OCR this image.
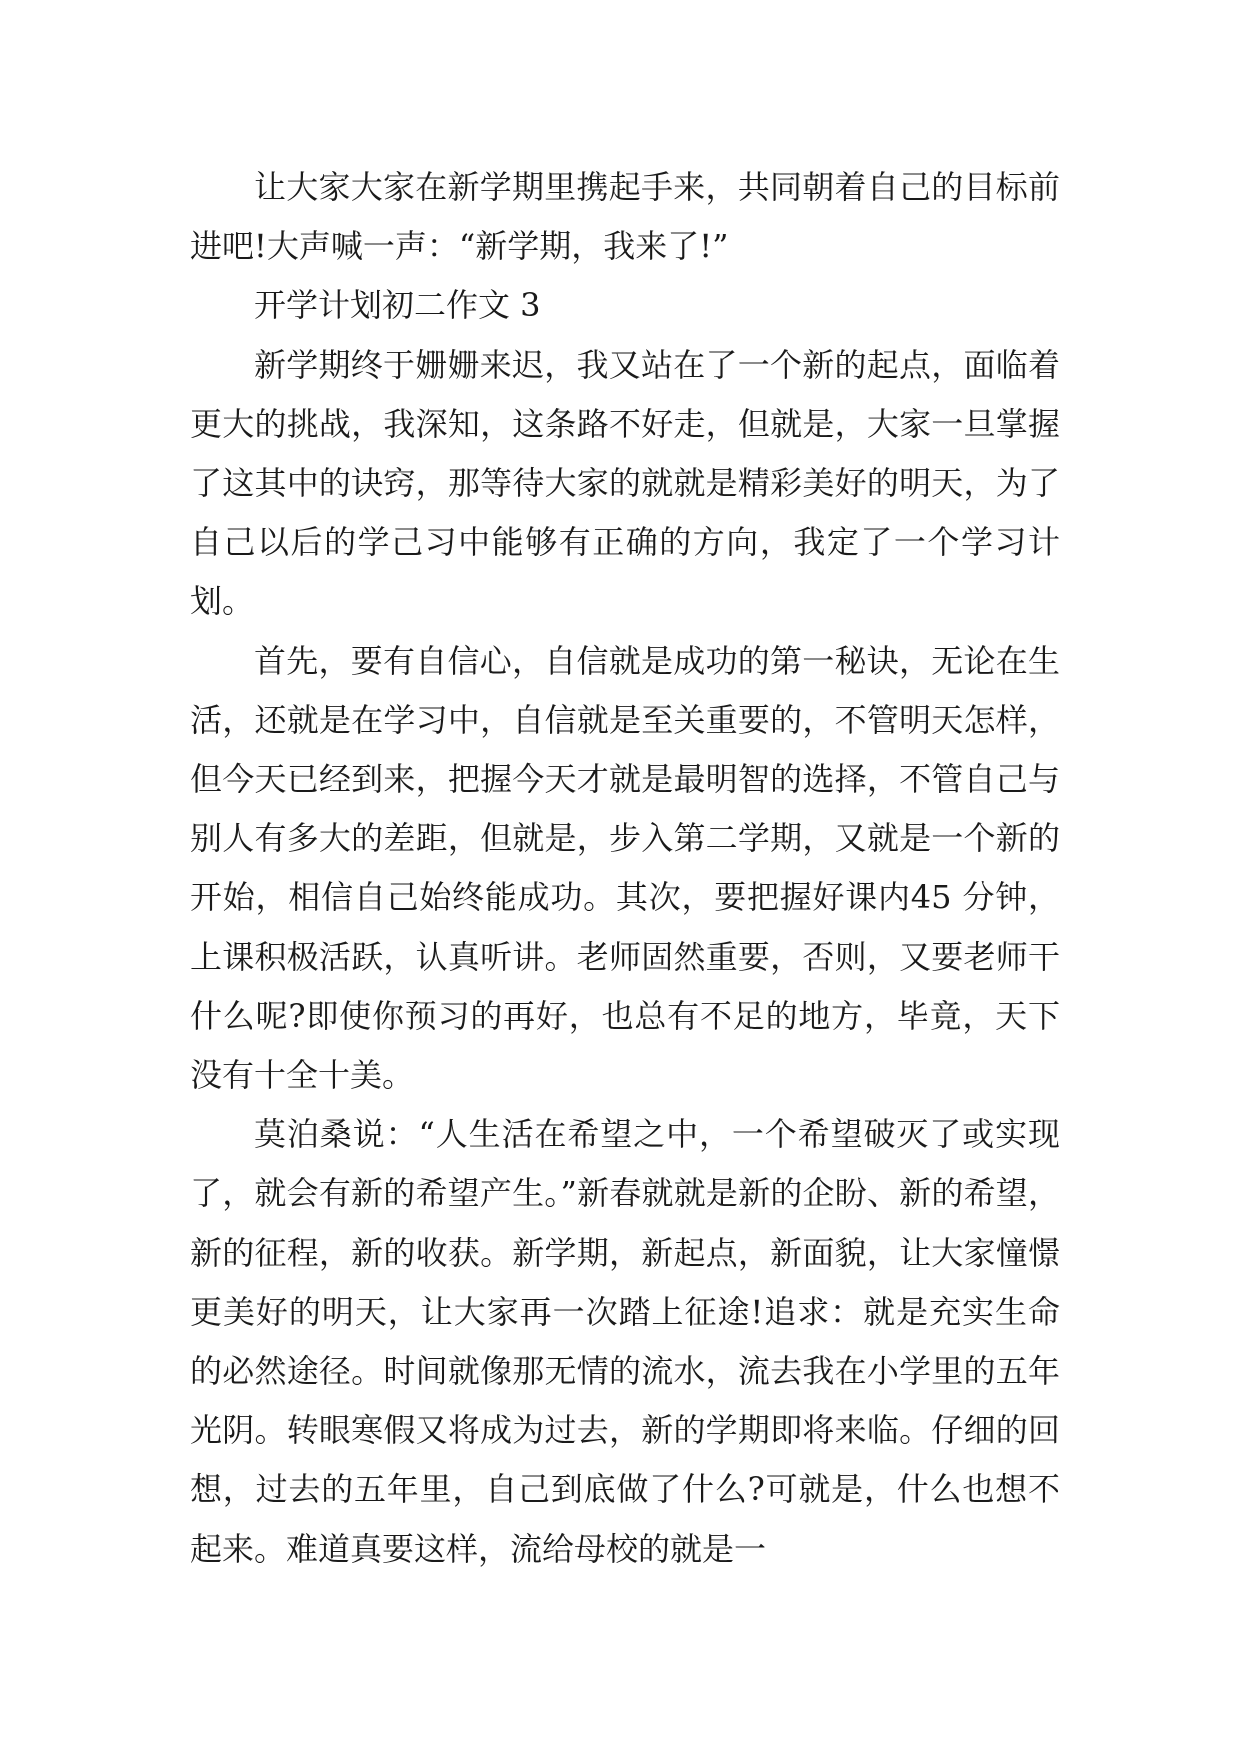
让大家大家在新学期里携起手来，共同朝着自己的目标前进吧!大声喊一声：“新学期，我来了!”

开学计划初二作文 3

新学期终于姗姗来迟，我又站在了一个新的起点，面临着更大的挑战，我深知，这条路不好走，但就是，大家一旦掌握了这其中的诀窍，那等待大家的就就是精彩美好的明天，为了自己以后的学己习中能够有正确的方向，我定了一个学习计划。

首先，要有自信心，自信就是成功的第一秘诀，无论在生活，还就是在学习中，自信就是至关重要的，不管明天怎样，但今天已经到来，把握今天才就是最明智的选择，不管自己与别人有多大的差距，但就是，步入第二学期，又就是一个新的开始，相信自己始终能成功。其次，要把握好课内45 分钟，上课积极活跃，认真听讲。老师固然重要，否则，又要老师干什么呢?即使你预习的再好，也总有不足的地方，毕竟，天下没有十全十美。

莫泊桑说：“人生活在希望之中，一个希望破灭了或实现了，就会有新的希望产生。”新春就就是新的企盼、新的希望，新的征程，新的收获。新学期，新起点，新面貌，让大家憧憬更美好的明天，让大家再一次踏上征途!追求：就是充实生命的必然途径。时间就像那无情的流水，流去我在小学里的五年光阴。转眼寒假又将成为过去，新的学期即将来临。仔细的回想，过去的五年里，自己到底做了什么?可就是，什么也想不起来。难道真要这样，流给母校的就是一
